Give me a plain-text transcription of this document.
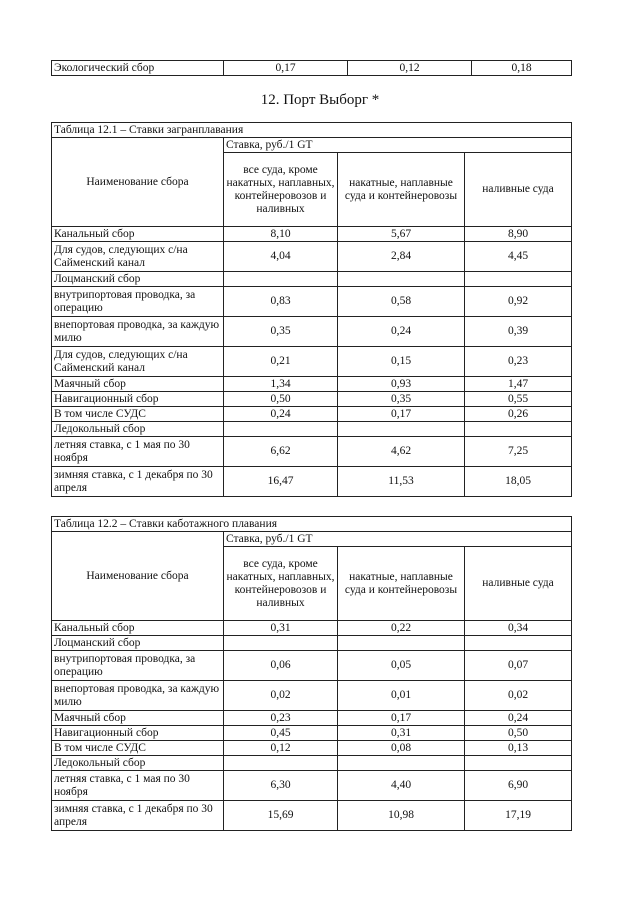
Экологический сбор	0,17	0,12	0,18
12. Порт Выборг *
Таблица 12.1 – Ставки загранплавания			
Наименование сбора	Ставка, руб./1 GT		
	все суда, кроме накатных, наплавных, контейнеровозов и наливных	накатные, наплавные суда и контейнеровозы	наливные суда
Канальный сбор	8,10	5,67	8,90
Для судов, следующих с/на Сайменский канал	4,04	2,84	4,45
Лоцманский сбор			
внутрипортовая проводка, за операцию	0,83	0,58	0,92
внепортовая проводка, за каждую милю	0,35	0,24	0,39
Для судов, следующих с/на Сайменский канал	0,21	0,15	0,23
Маячный сбор	1,34	0,93	1,47
Навигационный сбор	0,50	0,35	0,55
В том числе СУДС	0,24	0,17	0,26
Ледокольный сбор			
летняя ставка, с 1 мая по 30 ноября	6,62	4,62	7,25
зимняя ставка, с 1 декабря по 30 апреля	16,47	11,53	18,05
Таблица 12.2 – Ставки каботажного плавания			
Наименование сбора	Ставка, руб./1 GT		
	все суда, кроме накатных, наплавных, контейнеровозов и наливных	накатные, наплавные суда и контейнеровозы	наливные суда
Канальный сбор	0,31	0,22	0,34
Лоцманский сбор			
внутрипортовая проводка, за операцию	0,06	0,05	0,07
внепортовая проводка, за каждую милю	0,02	0,01	0,02
Маячный сбор	0,23	0,17	0,24
Навигационный сбор	0,45	0,31	0,50
В том числе СУДС	0,12	0,08	0,13
Ледокольный сбор			
летняя ставка, с 1 мая по 30 ноября	6,30	4,40	6,90
зимняя ставка, с 1 декабря по 30 апреля	15,69	10,98	17,19
